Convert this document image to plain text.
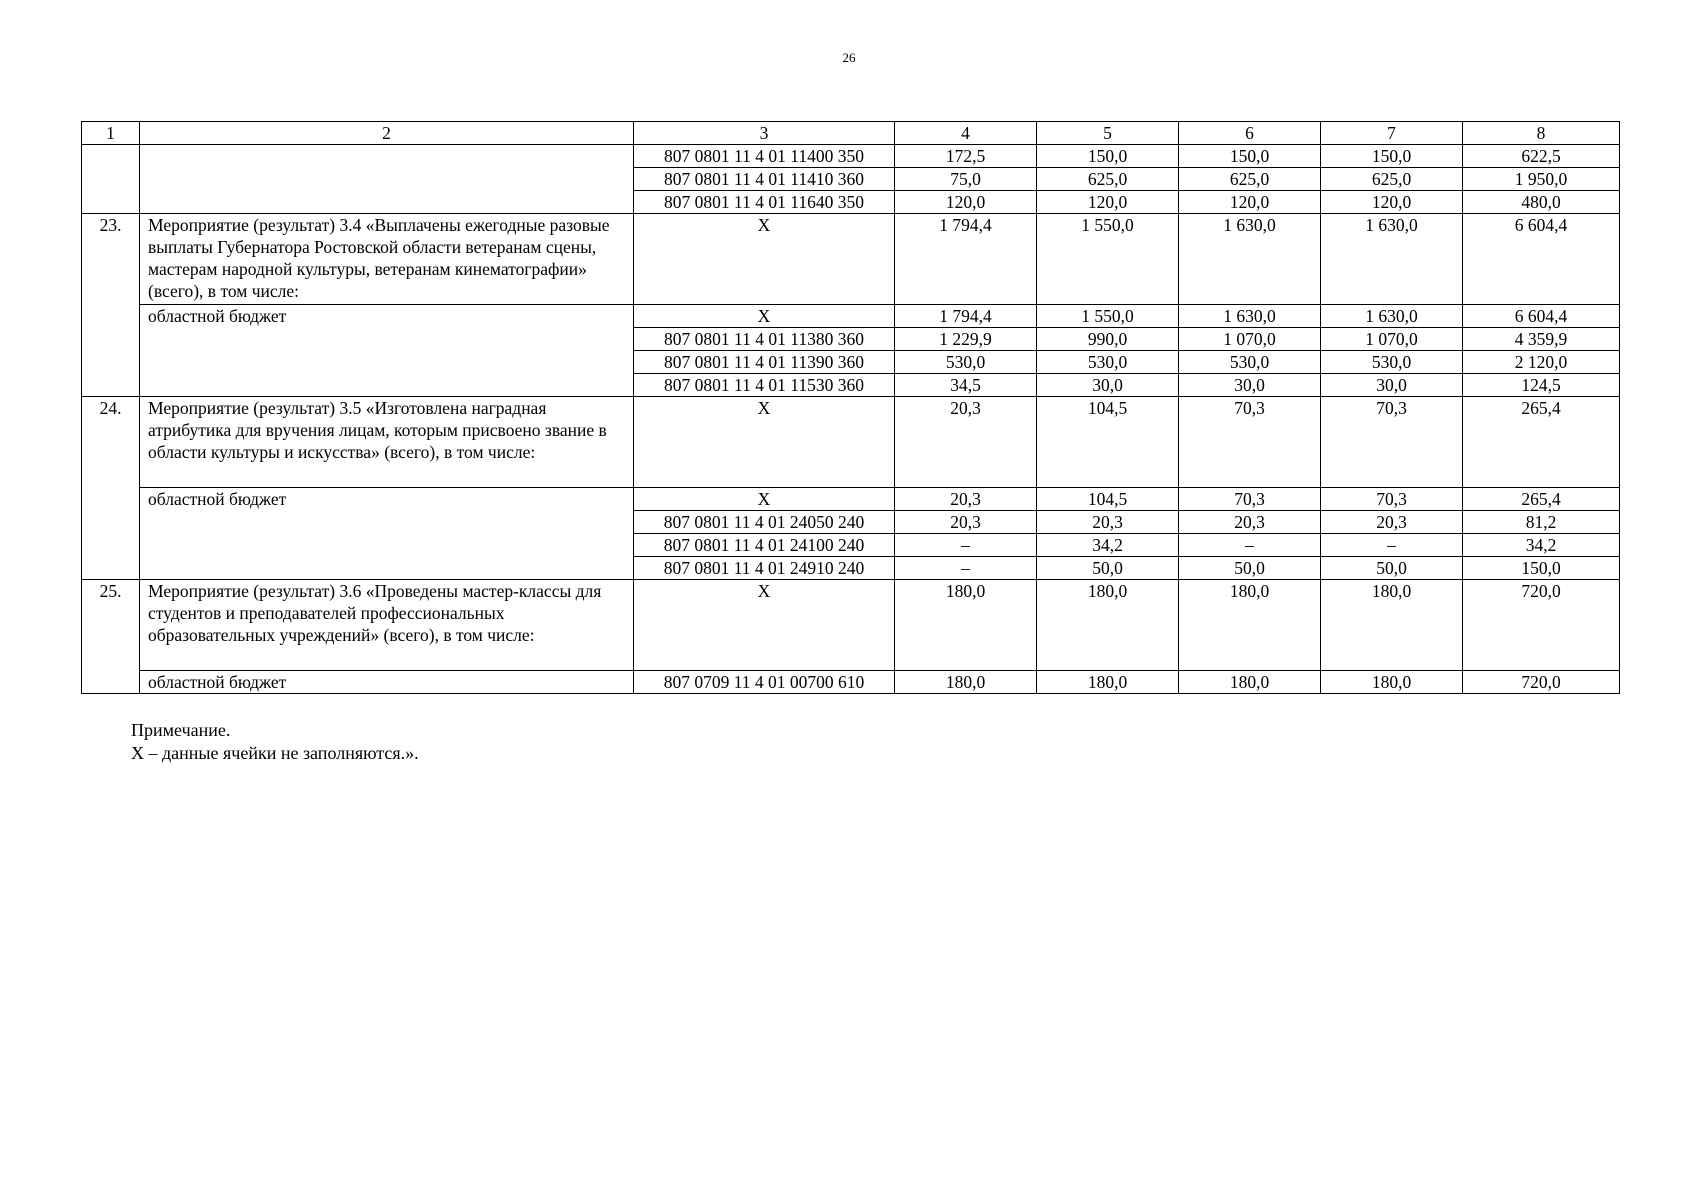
26
1	2	3	4	5	6	7	8
		807 0801 11 4 01 11400 350	172,5	150,0	150,0	150,0	622,5
		807 0801 11 4 01 11410 360	75,0	625,0	625,0	625,0	1 950,0
		807 0801 11 4 01 11640 350	120,0	120,0	120,0	120,0	480,0
23.	Мероприятие (результат) 3.4 «Выплачены ежегодные разовые выплаты Губернатора Ростовской области ветеранам сцены, мастерам народной культуры, ветеранам кинематографии» (всего), в том числе:	Х	1 794,4	1 550,0	1 630,0	1 630,0	6 604,4
	областной бюджет	Х	1 794,4	1 550,0	1 630,0	1 630,0	6 604,4
		807 0801 11 4 01 11380 360	1 229,9	990,0	1 070,0	1 070,0	4 359,9
		807 0801 11 4 01 11390 360	530,0	530,0	530,0	530,0	2 120,0
		807 0801 11 4 01 11530 360	34,5	30,0	30,0	30,0	124,5
24.	Мероприятие (результат) 3.5 «Изготовлена наградная атрибутика для вручения лицам, которым присвоено звание в области культуры и искусства» (всего), в том числе:	Х	20,3	104,5	70,3	70,3	265,4
	областной бюджет	Х	20,3	104,5	70,3	70,3	265,4
		807 0801 11 4 01 24050 240	20,3	20,3	20,3	20,3	81,2
		807 0801 11 4 01 24100 240	–	34,2	–	–	34,2
		807 0801 11 4 01 24910 240	–	50,0	50,0	50,0	150,0
25.	Мероприятие (результат) 3.6 «Проведены мастер-классы для студентов и преподавателей профессиональных образовательных учреждений» (всего), в том числе:	Х	180,0	180,0	180,0	180,0	720,0
	областной бюджет	807 0709 11 4 01 00700 610	180,0	180,0	180,0	180,0	720,0
Примечание.
Х – данные ячейки не заполняются.».
